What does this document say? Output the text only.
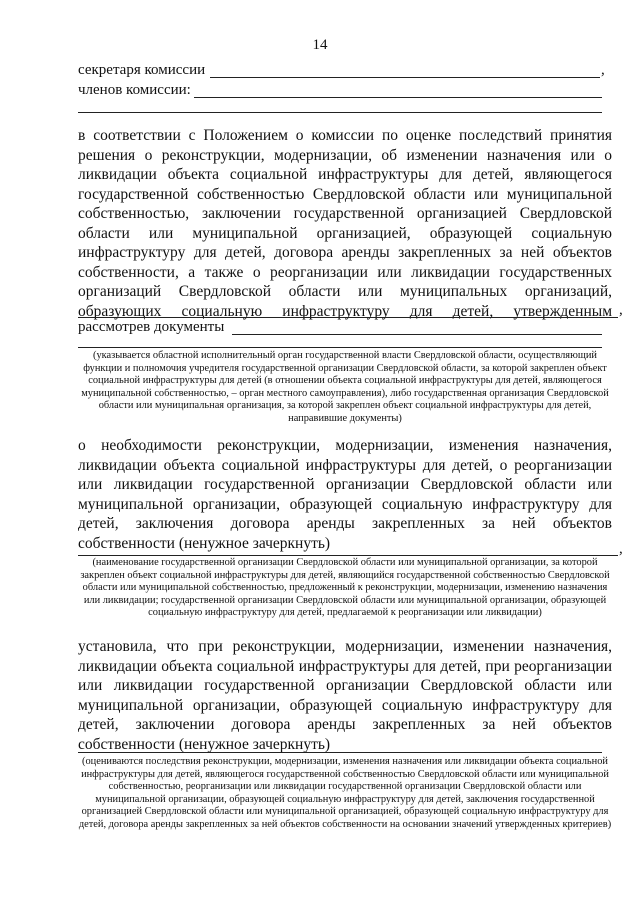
14
секретаря комиссии	,
членов комиссии:
в соответствии с Положением о комиссии по оценке последствий принятия решения о реконструкции, модернизации, об изменении назначения или о ликвидации объекта социальной инфраструктуры для детей, являющегося государственной собственностью Свердловской области или муниципальной собственностью, заключении государственной организацией Свердловской области или муниципальной организацией, образующей социальную инфраструктуру для детей, договора аренды закрепленных за ней объектов собственности, а также о реорганизации или ликвидации государственных организаций Свердловской области или муниципальных организаций, образующих социальную инфраструктуру для детей, утвержденным ,
рассмотрев документы
(указывается областной исполнительный орган государственной власти Свердловской области, осуществляющий функции и полномочия учредителя государственной организации Свердловской области, за которой закреплен объект социальной инфраструктуры для детей (в отношении объекта социальной инфраструктуры для детей, являющегося муниципальной собственностью, – орган местного самоуправления), либо государственная организация Свердловской области или муниципальная организация, за которой закреплен объект социальной инфраструктуры для детей, направившие документы)
о необходимости реконструкции, модернизации, изменения назначения, ликвидации объекта социальной инфраструктуры для детей, о реорганизации или ликвидации государственной организации Свердловской области или муниципальной организации, образующей социальную инфраструктуру для детей, заключения договора аренды закрепленных за ней объектов собственности (ненужное зачеркнуть)	,
(наименование государственной организации Свердловской области или муниципальной организации, за которой закреплен объект социальной инфраструктуры для детей, являющийся государственной собственностью Свердловской области или муниципальной собственностью, предложенный к реконструкции, модернизации, изменению назначения или ликвидации; государственной организации Свердловской области или муниципальной организации, образующей социальную инфраструктуру для детей, предлагаемой к реорганизации или ликвидации)
установила, что при реконструкции, модернизации, изменении назначения, ликвидации объекта социальной инфраструктуры для детей, при реорганизации или ликвидации государственной организации Свердловской области или муниципальной организации, образующей социальную инфраструктуру для детей, заключении договора аренды закрепленных за ней объектов собственности (ненужное зачеркнуть)
(оцениваются последствия реконструкции, модернизации, изменения назначения или ликвидации объекта социальной инфраструктуры для детей, являющегося государственной собственностью Свердловской области или муниципальной собственностью, реорганизации или ликвидации государственной организации Свердловской области или муниципальной организации, образующей социальную инфраструктуру для детей, заключения государственной организацией Свердловской области или муниципальной организацией, образующей социальную инфраструктуру для детей, договора аренды закрепленных за ней объектов собственности на основании значений утвержденных критериев)
